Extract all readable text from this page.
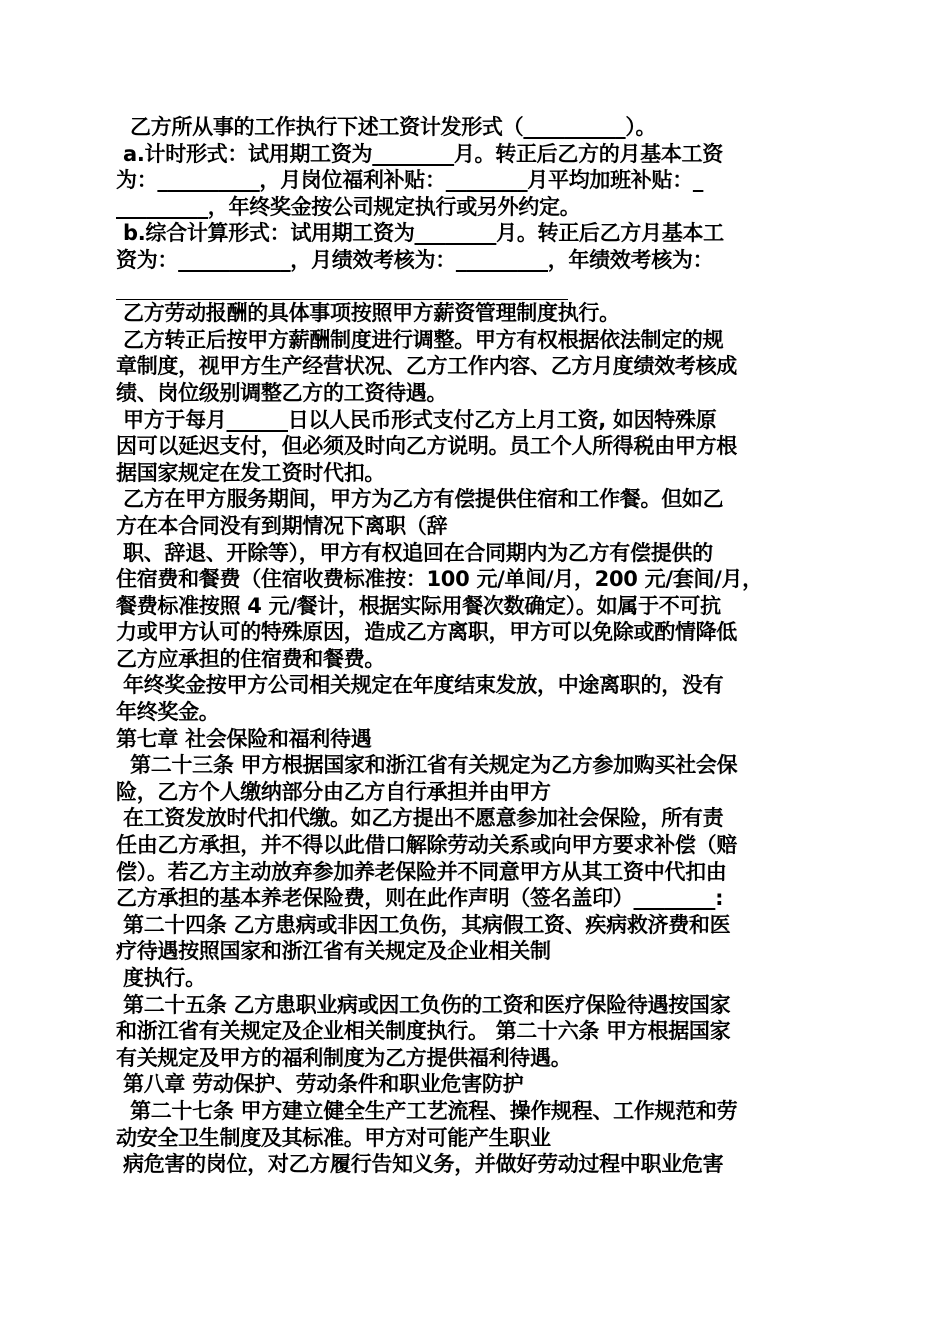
乙方所从事的工作执行下述工资计发形式（__________）。
a.计时形式：试用期工资为________月。转正后乙方的月基本工资
为：__________，月岗位福利补贴：________月平均加班补贴：_
_________，年终奖金按公司规定执行或另外约定。
b.综合计算形式：试用期工资为________月。转正后乙方月基本工
资为：___________，月绩效考核为：_________，年绩效考核为：
乙方劳动报酬的具体事项按照甲方薪资管理制度执行。
乙方转正后按甲方薪酬制度进行调整。甲方有权根据依法制定的规
章制度，视甲方生产经营状况、乙方工作内容、乙方月度绩效考核成
绩、岗位级别调整乙方的工资待遇。
甲方于每月______日以人民币形式支付乙方上月工资, 如因特殊原
因可以延迟支付，但必须及时向乙方说明。员工个人所得税由甲方根
据国家规定在发工资时代扣。
乙方在甲方服务期间，甲方为乙方有偿提供住宿和工作餐。但如乙
方在本合同没有到期情况下离职（辞
职、辞退、开除等），甲方有权追回在合同期内为乙方有偿提供的
住宿费和餐费（住宿收费标准按：100 元/单间/月，200 元/套间/月，
餐费标准按照 4 元/餐计，根据实际用餐次数确定）。如属于不可抗
力或甲方认可的特殊原因，造成乙方离职，甲方可以免除或酌情降低
乙方应承担的住宿费和餐费。
年终奖金按甲方公司相关规定在年度结束发放，中途离职的，没有
年终奖金。
第七章 社会保险和福利待遇
第二十三条 甲方根据国家和浙江省有关规定为乙方参加购买社会保
险，乙方个人缴纳部分由乙方自行承担并由甲方
在工资发放时代扣代缴。如乙方提出不愿意参加社会保险，所有责
任由乙方承担，并不得以此借口解除劳动关系或向甲方要求补偿（赔
偿）。若乙方主动放弃参加养老保险并不同意甲方从其工资中代扣由
乙方承担的基本养老保险费，则在此作声明（签名盖印）________:
第二十四条 乙方患病或非因工负伤，其病假工资、疾病救济费和医
疗待遇按照国家和浙江省有关规定及企业相关制
度执行。
第二十五条 乙方患职业病或因工负伤的工资和医疗保险待遇按国家
和浙江省有关规定及企业相关制度执行。 第二十六条 甲方根据国家
有关规定及甲方的福利制度为乙方提供福利待遇。
第八章 劳动保护、劳动条件和职业危害防护
第二十七条 甲方建立健全生产工艺流程、操作规程、工作规范和劳
动安全卫生制度及其标准。甲方对可能产生职业
病危害的岗位，对乙方履行告知义务，并做好劳动过程中职业危害
